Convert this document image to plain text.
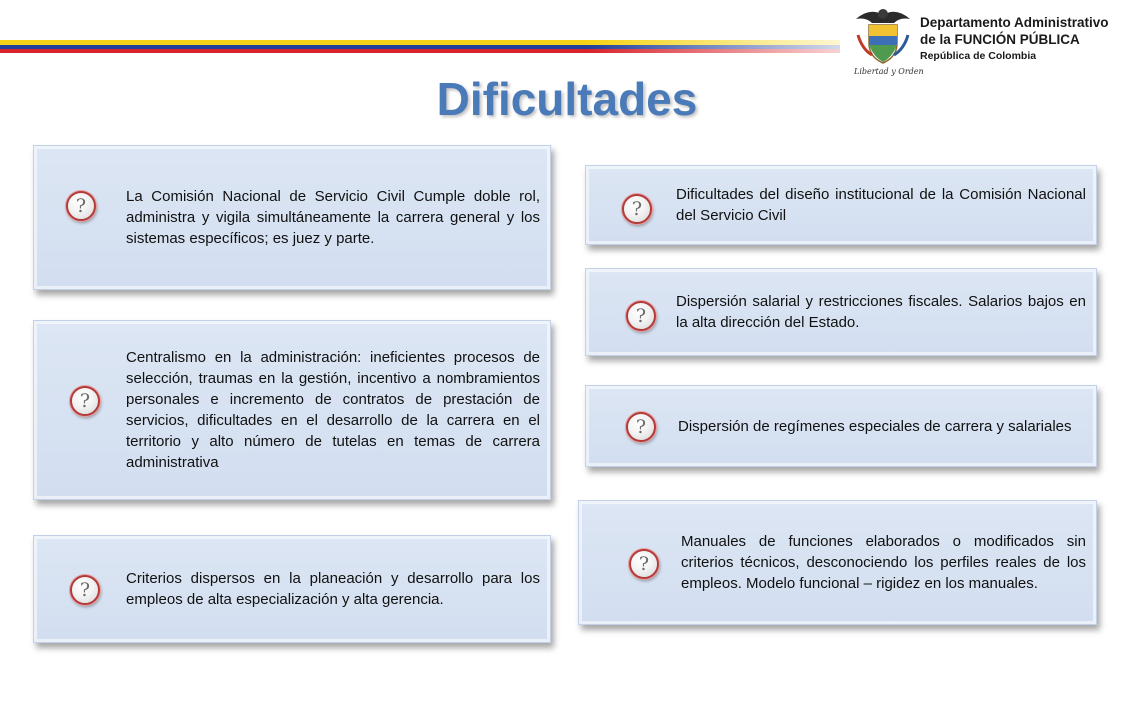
Libertad y Orden
Departamento Administrativo
de la FUNCIÓN PÚBLICA
República de Colombia
Dificultades
?	La Comisión Nacional de Servicio Civil Cumple doble rol, administra y vigila simultáneamente la carrera general y los sistemas específicos; es juez y parte.
?
Centralismo en la administración: ineficientes procesos de selección, traumas en la gestión, incentivo a nombramientos personales e incremento de contratos de prestación de servicios, dificultades en el desarrollo de la carrera en el territorio y alto número de tutelas en temas de carrera administrativa
?
Criterios dispersos en la planeación y desarrollo para los empleos de alta especialización y alta gerencia.
?
Dificultades del diseño institucional de la Comisión Nacional del Servicio Civil
?
Dispersión salarial y restricciones fiscales. Salarios bajos en la alta dirección del Estado.
?	Dispersión de regímenes especiales de carrera y salariales
?
Manuales de funciones elaborados o modificados sin criterios técnicos, desconociendo los perfiles reales de los empleos. Modelo funcional – rigidez en los manuales.
